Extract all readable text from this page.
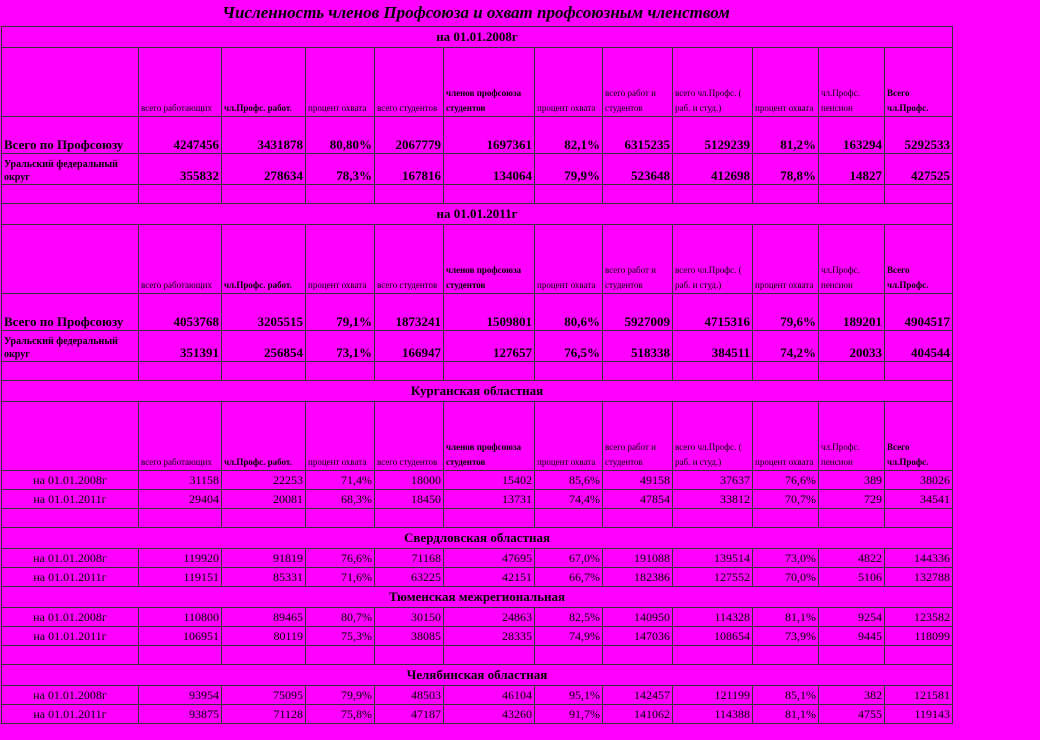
Численность членов Профсоюза и охват профсоюзным членством
на 01.01.2008г											
	всего работающих	чл.Профс. работ.	процент охвата	всего студентов	членов профсоюза студентов	процент охвата	всего работ и студентов	всего чл.Профс. ( раб. и студ.)	процент охвата	чл.Профс. пенсион	Всего чл.Профс.
Всего по Профсоюзу	4247456	3431878	80,80%	2067779	1697361	82,1%	6315235	5129239	81,2%	163294	5292533
Уральский федеральный округ	355832	278634	78,3%	167816	134064	79,9%	523648	412698	78,8%	14827	427525

на 01.01.2011г											
	всего работающих	чл.Профс. работ.	процент охвата	всего студентов	членов профсоюза студентов	процент охвата	всего работ и студентов	всего чл.Профс. ( раб. и студ.)	процент охвата	чл.Профс. пенсион	Всего чл.Профс.
Всего по Профсоюзу	4053768	3205515	79,1%	1873241	1509801	80,6%	5927009	4715316	79,6%	189201	4904517
Уральский федеральный округ	351391	256854	73,1%	166947	127657	76,5%	518338	384511	74,2%	20033	404544

Курганская областная											
	всего работающих	чл.Профс. работ.	процент охвата	всего студентов	членов профсоюза студентов	процент охвата	всего работ и студентов	всего чл.Профс. ( раб. и студ.)	процент охвата	чл.Профс. пенсион	Всего чл.Профс.
на 01.01.2008г	31158	22253	71,4%	18000	15402	85,6%	49158	37637	76,6%	389	38026
на 01.01.2011г	29404	20081	68,3%	18450	13731	74,4%	47854	33812	70,7%	729	34541

Свердловская областная											
на 01.01.2008г	119920	91819	76,6%	71168	47695	67,0%	191088	139514	73,0%	4822	144336
на 01.01.2011г	119151	85331	71,6%	63225	42151	66,7%	182386	127552	70,0%	5106	132788
Тюменская межрегиональная											
на 01.01.2008г	110800	89465	80,7%	30150	24863	82,5%	140950	114328	81,1%	9254	123582
на 01.01.2011г	106951	80119	75,3%	38085	28335	74,9%	147036	108654	73,9%	9445	118099

Челябинская областная											
на 01.01.2008г	93954	75095	79,9%	48503	46104	95,1%	142457	121199	85,1%	382	121581
на 01.01.2011г	93875	71128	75,8%	47187	43260	91,7%	141062	114388	81,1%	4755	119143
